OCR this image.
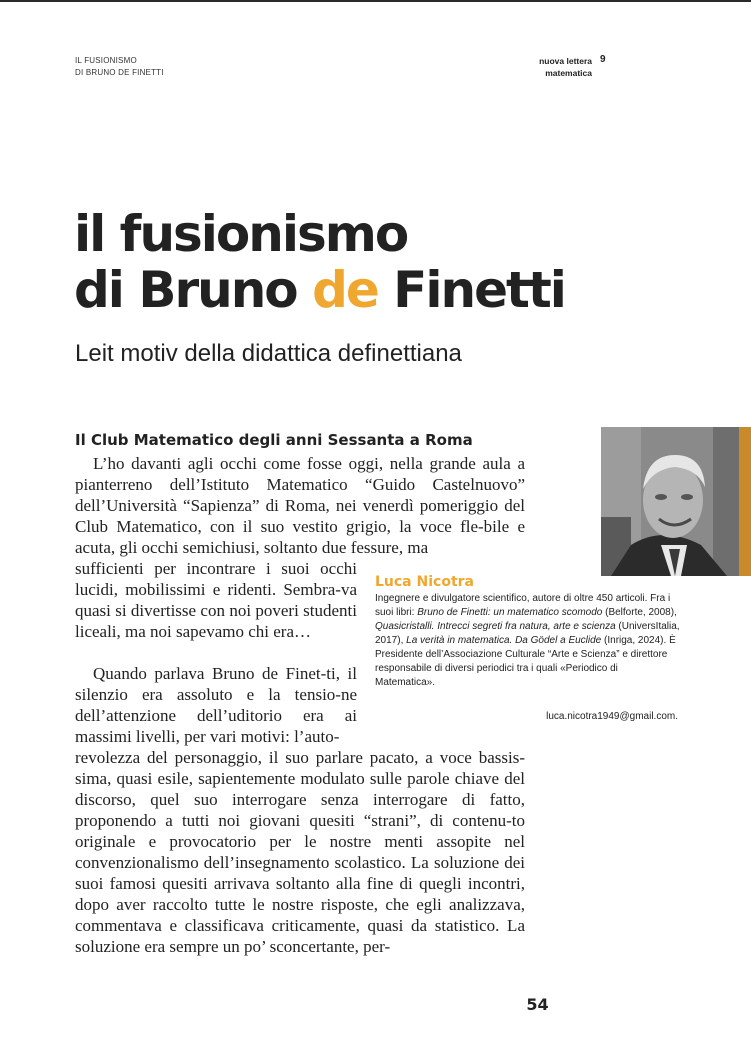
IL FUSIONISMO
DI BRUNO DE FINETTI
nuova lettera
matematica
9
il fusionismo
di Bruno de Finetti
Leit motiv della didattica definettiana
Il Club Matematico degli anni Sessanta a Roma

L’ho davanti agli occhi come fosse oggi, nella grande aula a pianterreno dell’Istituto Matematico “Guido Castelnuovo” dell’Università “Sapienza” di Roma, nei venerdì pomeriggio del Club Matematico, con il suo vestito grigio, la voce fle-bile e acuta, gli occhi semichiusi, soltanto due fessure, ma

sufficienti per incontrare i suoi occhi lucidi, mobilissimi e ridenti. Sembra-va quasi si divertisse con noi poveri studenti liceali, ma noi sapevamo chi era…

Quando parlava Bruno de Finet-ti, il silenzio era assoluto e la tensio-ne dell’attenzione dell’uditorio era ai massimi livelli, per vari motivi: l’auto-

revolezza del personaggio, il suo parlare pacato, a voce bassis-sima, quasi esile, sapientemente modulato sulle parole chiave del discorso, quel suo interrogare senza interrogare di fatto, proponendo a tutti noi giovani quesiti “strani”, di contenu-to originale e provocatorio per le nostre menti assopite nel convenzionalismo dell’insegnamento scolastico. La soluzione dei suoi famosi quesiti arrivava soltanto alla fine di quegli incontri, dopo aver raccolto tutte le nostre risposte, che egli analizzava, commentava e classificava criticamente, quasi da statistico. La soluzione era sempre un po’ sconcertante, per-

Luca Nicotra
Ingegnere e divulgatore scientifico, autore di oltre 450 articoli. Fra i suoi libri: Bruno de Finetti: un matematico scomodo (Belforte, 2008), Quasicristalli. Intrecci segreti fra natura, arte e scienza (UniversItalia, 2017), La verità in matematica. Da Gödel a Euclide (Inriga, 2024). È Presidente dell’Associazione Culturale “Arte e Scienza” e direttore responsabile di diversi periodici tra i quali «Periodico di Matematica».
luca.nicotra1949@gmail.com.
54
